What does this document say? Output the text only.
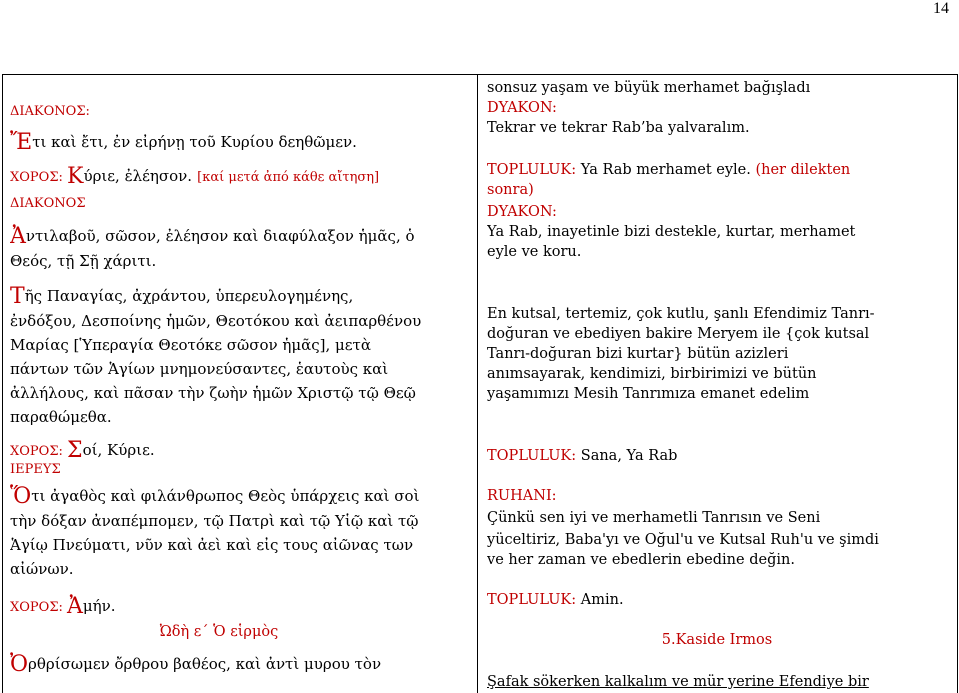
14
ΔΙΑΚΟΝΟΣ:
Ἔτι καὶ ἔτι, ἐν εἰρήνῃ τοῦ Κυρίου δεηθῶμεν.
ΧΟΡΟΣ: Κύριε, ἐλέησον. [καί μετά ἀπό κάθε αἴτηση]
ΔΙΑΚΟΝΟΣ
Ἀντιλαβοῦ, σῶσον, ἐλέησον καὶ διαφύλαξον ἡμᾶς, ὁ
Θεός, τῇ Σῇ χάριτι.
Τῆς Παναγίας, ἀχράντου, ὑπερευλογημένης,
ἐνδόξου, Δεσποίνης ἡμῶν, Θεοτόκου καὶ ἀειπαρθένου
Μαρίας [Ὑπεραγία Θεοτόκε σῶσον ἡμᾶς], μετὰ
πάντων τῶν Ἁγίων μνημονεύσαντες, ἑαυτοὺς καὶ
ἀλλήλους, καὶ πᾶσαν τὴν ζωὴν ἡμῶν Χριστῷ τῷ Θεῷ
παραθώμεθα.
ΧΟΡΟΣ: Σοί, Κύριε.
ΙΕΡΕΥΣ
Ὅτι ἀγαθὸς καὶ φιλάνθρωπος Θεὸς ὑπάρχεις καὶ σοὶ
τὴν δόξαν ἀναπέμπομεν, τῷ Πατρὶ καὶ τῷ Υἱῷ καὶ τῷ
Ἁγίῳ Πνεύματι, νῦν καὶ ἀεὶ καὶ εἰς τους αἰῶνας των
αἰώνων.
ΧΟΡΟΣ: Ἀμήν.
Ὠδὴ ε΄ Ὁ εἱρμὸς
Ὀρθρίσωμεν ὄρθρου βαθέος, καὶ ἀντὶ μυρου τὸν
sonsuz yaşam ve büyük merhamet bağışladı
DYAKON:
Tekrar ve tekrar Rab’ba yalvaralım.
TOPLULUK: Ya Rab merhamet eyle. (her dilekten
sonra)
DYAKON:
Ya Rab, inayetinle bizi destekle, kurtar, merhamet
eyle ve koru.
En kutsal, tertemiz, çok kutlu, şanlı Efendimiz Tanrı-
doğuran ve ebediyen bakire Meryem ile {çok kutsal
Tanrı-doğuran bizi kurtar} bütün azizleri
anımsayarak, kendimizi, birbirimizi ve bütün
yaşamımızı Mesih Tanrımıza emanet edelim
TOPLULUK: Sana, Ya Rab
RUHANI:
Çünkü sen iyi ve merhametli Tanrısın ve Seni
yüceltiriz, Baba'yı ve Oğul'u ve Kutsal Ruh'u ve şimdi
ve her zaman ve ebedlerin ebedine değin.
TOPLULUK: Amin.
5.Kaside Irmos
Şafak sökerken kalkalım ve mür yerine Efendiye bir
